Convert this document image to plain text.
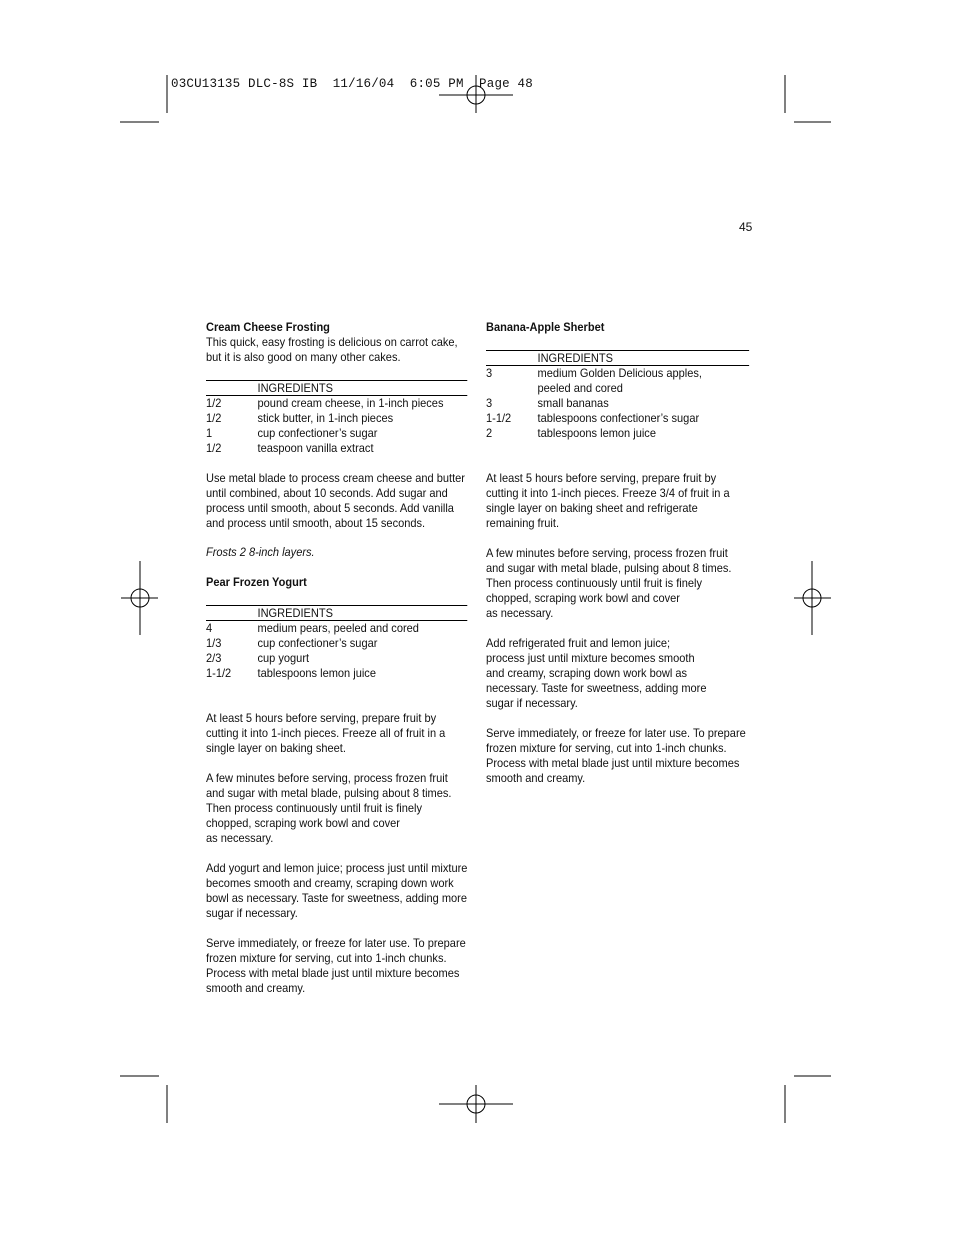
03CU13135 DLC-8S IB  11/16/04  6:05 PM  Page 48
45

Cream Cheese Frosting

This quick, easy frosting is delicious on carrot cake, but it is also good on many other cakes.

	INGREDIENTS
1/2	pound cream cheese, in 1-inch pieces
1/2	stick butter, in 1-inch pieces
1	cup confectioner’s sugar
1/2	teaspoon vanilla extract

Use metal blade to process cream cheese and butter until combined, about 10 seconds. Add sugar and process until smooth, about 5 seconds. Add vanilla and process until smooth, about 15 seconds.

Frosts 2 8-inch layers.

Pear Frozen Yogurt

	INGREDIENTS
4	medium pears, peeled and cored
1/3	cup confectioner’s sugar
2/3	cup yogurt
1-1/2	tablespoons lemon juice

At least 5 hours before serving, prepare fruit by cutting it into 1-inch pieces. Freeze all of fruit in a single layer on baking sheet.

A few minutes before serving, process frozen fruit
and sugar with metal blade, pulsing about 8 times.
Then process continuously until fruit is finely
chopped, scraping work bowl and cover
as necessary.

Add yogurt and lemon juice; process just until mixture becomes smooth and creamy, scraping down work bowl as necessary. Taste for sweetness, adding more sugar if necessary.

Serve immediately, or freeze for later use. To prepare frozen mixture for serving, cut into 1-inch chunks. Process with metal blade just until mixture becomes smooth and creamy.

Banana-Apple Sherbet

	INGREDIENTS
3	medium Golden Delicious apples,
	peeled and cored
3	small bananas
1-1/2	tablespoons confectioner’s sugar
2	tablespoons lemon juice

At least 5 hours before serving, prepare fruit by cutting it into 1-inch pieces. Freeze 3/4 of fruit in a single layer on baking sheet and refrigerate remaining fruit.

A few minutes before serving, process frozen fruit
and sugar with metal blade, pulsing about 8 times.
Then process continuously until fruit is finely
chopped, scraping work bowl and cover
as necessary.

Add refrigerated fruit and lemon juice;
process just until mixture becomes smooth
and creamy, scraping down work bowl as
necessary. Taste for sweetness, adding more
sugar if necessary.

Serve immediately, or freeze for later use. To prepare frozen mixture for serving, cut into 1-inch chunks. Process with metal blade just until mixture becomes smooth and creamy.
